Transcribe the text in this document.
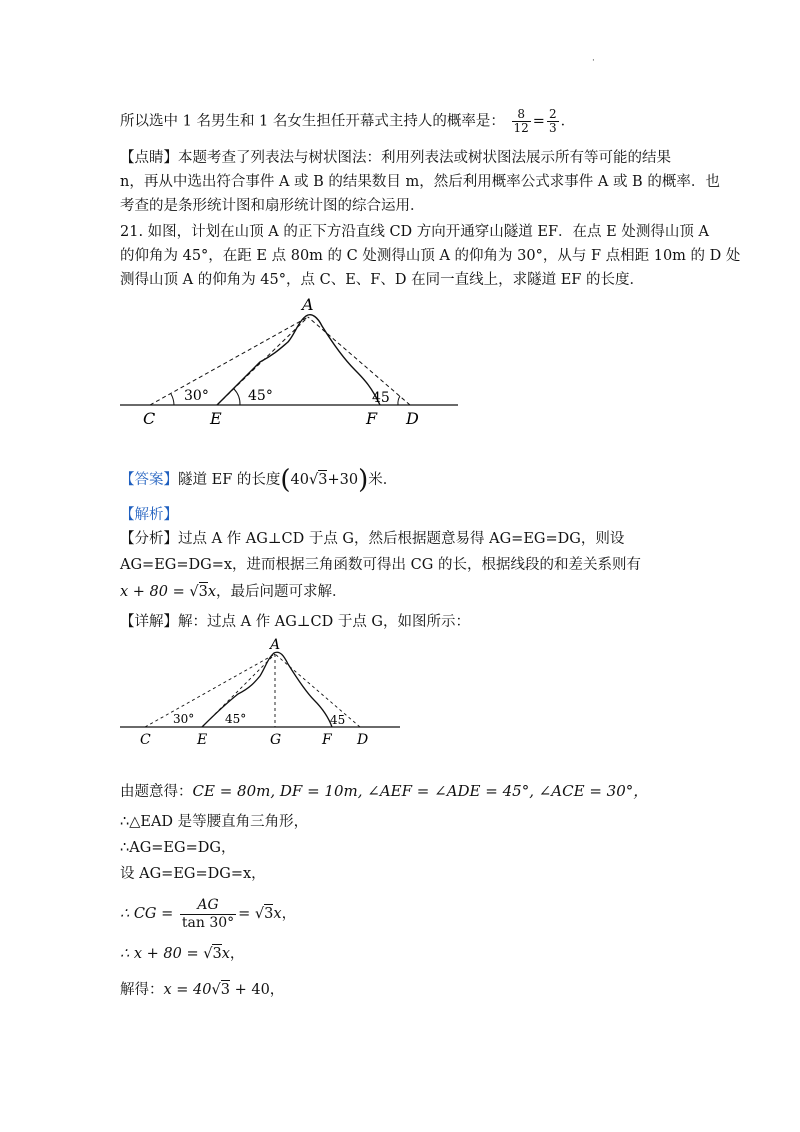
·
所以选中 1 名男生和 1 名女生担任开幕式主持人的概率是： $\frac{8}{12} = \frac{2}{3}$ ．
【点睛】本题考查了列表法与树状图法：利用列表法或树状图法展示所有等可能的结果
n，再从中选出符合事件 A 或 B 的结果数目 m，然后利用概率公式求事件 A 或 B 的概率．也
考查的是条形统计图和扇形统计图的综合运用．
21. 如图，计划在山顶 A 的正下方沿直线 CD 方向开通穿山隧道 EF．在点 E 处测得山顶 A
的仰角为 45°，在距 E 点 80m 的 C 处测得山顶 A 的仰角为 30°，从与 F 点相距 10m 的 D 处
测得山顶 A 的仰角为 45°，点 C、E、F、D 在同一直线上，求隧道 EF 的长度．
A
C	E	F D
30°	45°	45
【答案】隧道 EF 的长度(40√3+30)米．
【解析】
【分析】过点 A 作 AG⊥CD 于点 G，然后根据题意易得 AG=EG=DG，则设
AG=EG=DG=x，进而根据三角函数可得出 CG 的长，根据线段的和差关系则有
x + 80 = √3x，最后问题可求解．
【详解】解：过点 A 作 AG⊥CD 于点 G，如图所示：
A
C	E	G	F D
30°	45°	45
由题意得：CE = 80m, DF = 10m, ∠AEF = ∠ADE = 45°, ∠ACE = 30°，
∴△EAD 是等腰直角三角形，
∴AG=EG=DG，
设 AG=EG=DG=x，
∴ CG = $\frac{AG}{\tan 30^\circ} = √3x$，
∴ x + 80 = √3x，
解得：x = 40√3 + 40，
